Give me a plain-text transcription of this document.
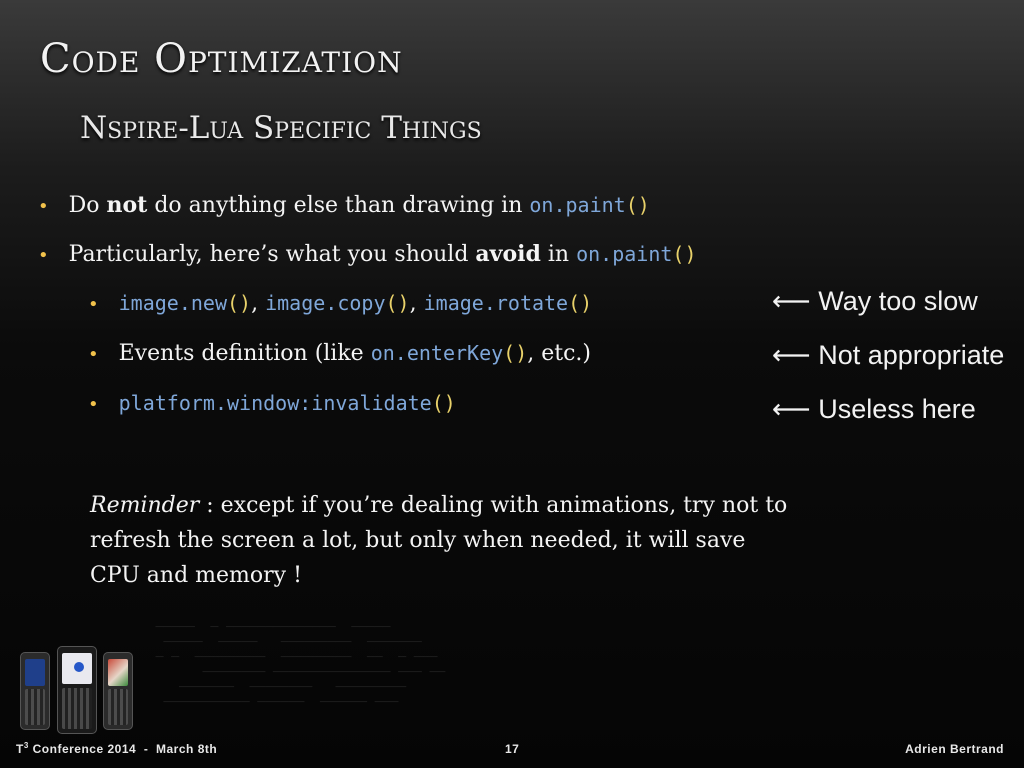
Code Optimization
Nspire-Lua Specific Things
• Do not do anything else than drawing in on.paint()
• Particularly, here’s what you should avoid in on.paint()
• image.new(), image.copy(), image.rotate()
• Events definition (like on.enterKey(), etc.)
• platform.window:invalidate()
⟵ Way too slow
⟵ Not appropriate
⟵ Useless here
Reminder : except if you’re dealing with animations, try not to refresh the screen a lot, but only when needed, it will save CPU and memory !
─────  ─ ──────────────  ─────
─────  ─────   ─────────  ───────
─ ─  ─────────  ─────────  ──  ─ ───
──────── ─────────────── ─── ──
───────  ────────   ─────────
─────────── ──────  ────── ───
$T^3$ Conference 2014  -  March 8th	17	Adrien Bertrand
